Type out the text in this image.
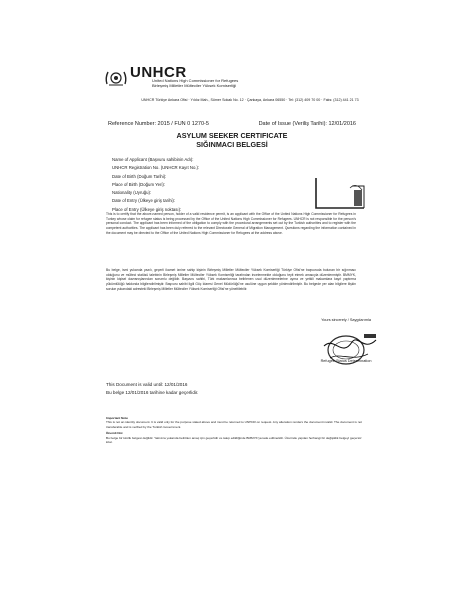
UNHCR
United Nations High Commissioner for Refugees
Birleşmiş Milletler Mülteciler Yüksek Komiserliği
UNHCR Türkiye Ankara Ofisi · Yıldız Mah., Sümer Sokak No. 12 · Çankaya, Ankara 06550 · Tel: (312) 409 70 00 · Faks: (312) 441 21 73
Reference Number: 2015 / FUN 0 1270-5	Date of Issue (Veriliş Tarihi): 12/01/2016
ASYLUM SEEKER CERTIFICATE
SIĞINMACI BELGESİ
Name of Applicant (Başvuru sahibinin Adı):
UNHCR Registration No. (UNHCR Kayıt No.):
Date of Birth (Doğum Tarihi):
Place of Birth (Doğum Yeri):
Nationality (Uyruğu):
Date of Entry (Ülkeye giriş tarihi):
Place of Entry (Ülkeye giriş noktası):
This is to certify that the above-named person, holder of a valid residence permit, is an applicant with the Office of the United Nations High Commissioner for Refugees in Turkey whose claim for refugee status is being processed by the Office of the United Nations High Commissioner for Refugees. UNHCR is not responsible for the person's personal conduct. The applicant has been informed of the obligation to comply with the procedural arrangements set out by the Turkish authorities and to register with the competent authorities. The applicant has been duly referred to the relevant Directorate General of Migration Management. Questions regarding the information contained in the document may be directed to the Office of the United Nations High Commissioner for Refugees at the address above.
Bu belge, ismi yukarıda yazılı, geçerli ikamet iznine sahip kişinin Birleşmiş Milletler Mülteciler Yüksek Komiserliği Türkiye Ofisi'ne başvuruda bulunan bir sığınmacı olduğunu ve mülteci statüsü talebinin Birleşmiş Milletler Mülteciler Yüksek Komiserliği tarafından incelenmekte olduğunu teyit etmek amacıyla düzenlenmiştir. BMMYK, kişinin kişisel davranışlarından sorumlu değildir. Başvuru sahibi, Türk makamlarınca belirlenen usul düzenlemelerine uyma ve yetkili makamlara kayıt yaptırma yükümlülüğü hakkında bilgilendirilmiştir. Başvuru sahibi ilgili Göç İdaresi Genel Müdürlüğü'ne usulüne uygun şekilde yönlendirilmiştir. Bu belgede yer alan bilgilere ilişkin sorular yukarıdaki adresteki Birleşmiş Milletler Mülteciler Yüksek Komiserliği Ofisi'ne yöneltilebilir.
Yours sincerely / Saygılarımla
Refugee Status Determination
This Document is valid until: 12/01/2016
Bu belge 12/01/2016 tarihine kadar geçerlidir.
Important Note
This is not an identity document. It is valid only for the purpose stated above and must be returned to UNHCR on request. Any alteration renders the document invalid. The document is not transferable and is verified by the Turkish Government.
Önemli Not
Bu belge bir kimlik belgesi değildir. Yalnızca yukarıda belirtilen amaç için geçerlidir ve talep edildiğinde BMMYK'ya iade edilmelidir. Üzerinde yapılan herhangi bir değişiklik belgeyi geçersiz kılar.
